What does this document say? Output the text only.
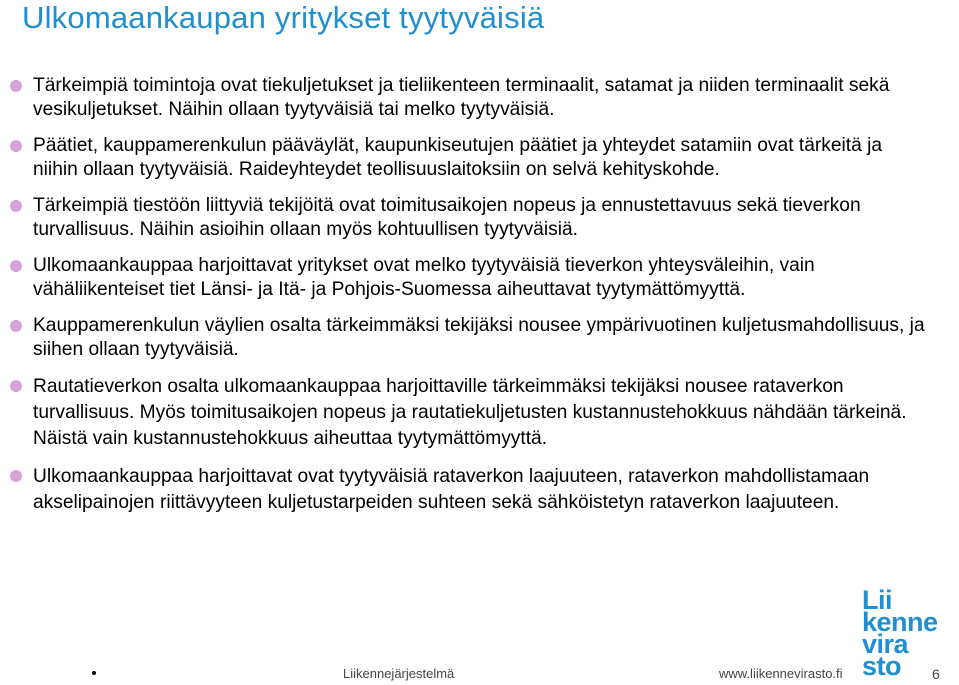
Ulkomaankaupan yritykset tyytyväisiä
Tärkeimpiä toimintoja ovat tiekuljetukset ja tieliikenteen terminaalit, satamat ja niiden terminaalit sekä vesikuljetukset. Näihin ollaan tyytyväisiä tai melko tyytyväisiä.
Päätiet, kauppamerenkulun pääväylät, kaupunkiseutujen päätiet ja yhteydet satamiin ovat tärkeitä ja niihin ollaan tyytyväisiä. Raideyhteydet teollisuuslaitoksiin on selvä kehityskohde.
Tärkeimpiä tiestöön liittyviä tekijöitä ovat toimitusaikojen nopeus ja ennustettavuus sekä tieverkon turvallisuus. Näihin asioihin ollaan myös kohtuullisen tyytyväisiä.
Ulkomaankauppaa harjoittavat yritykset ovat melko tyytyväisiä tieverkon yhteysväleihin, vain vähäliikenteiset tiet Länsi- ja Itä- ja Pohjois-Suomessa aiheuttavat tyytymättömyyttä.
Kauppamerenkulun väylien osalta tärkeimmäksi tekijäksi nousee ympärivuotinen kuljetusmahdollisuus, ja siihen ollaan tyytyväisiä.
Rautatieverkon osalta ulkomaankauppaa harjoittaville tärkeimmäksi tekijäksi nousee rataverkon turvallisuus. Myös toimitusaikojen nopeus ja rautatiekuljetusten kustannustehokkuus nähdään tärkeinä. Näistä vain kustannustehokkuus aiheuttaa tyytymättömyyttä.
Ulkomaankauppaa harjoittavat ovat tyytyväisiä rataverkon laajuuteen, rataverkon mahdollistamaan akselipainojen riittävyyteen kuljetustarpeiden suhteen sekä sähköistetyn rataverkon laajuuteen.
Lii
kenne
vira
sto
Liikennejärjestelmä	www.liikennevirasto.fi	6
